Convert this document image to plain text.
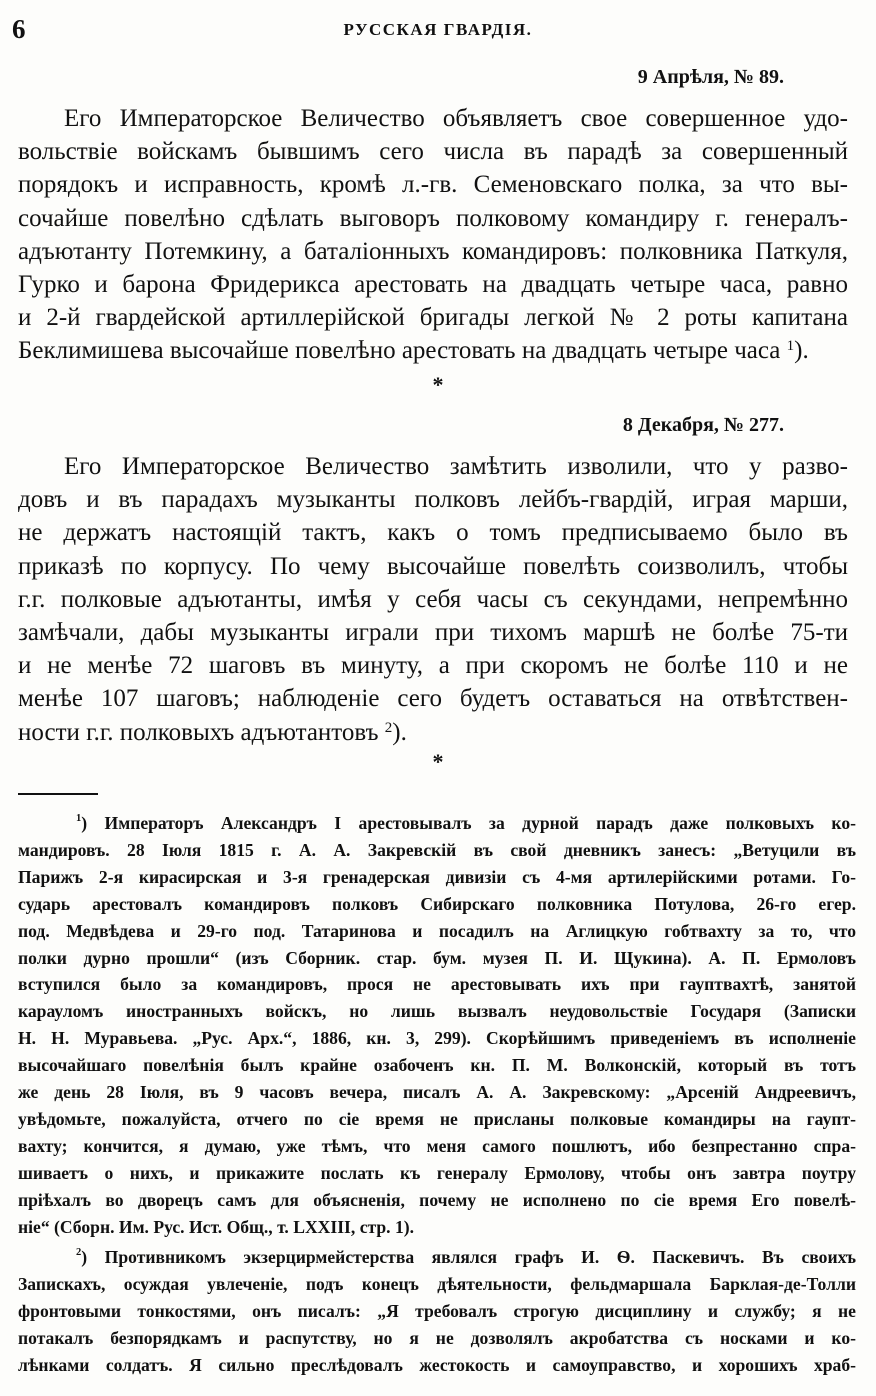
6	РУССКАЯ ГВАРДІЯ.
9 Апрѣля, № 89.
Его Императорское Величество объявляетъ свое совершенное удо-
вольствіе войскамъ бывшимъ сего числа въ парадѣ за совершенный
порядокъ и исправность, кромѣ л.-гв. Семеновскаго полка, за что вы-
сочайше повелѣно сдѣлать выговоръ полковому командиру г. генералъ-
адъютанту Потемкину, а баталіонныхъ командировъ: полковника Паткуля,
Гурко и барона Фридерикса арестовать на двадцать четыре часа, равно
и 2-й гвардейской артиллерійской бригады легкой № 2 роты капитана
Беклимишева высочайше повелѣно арестовать на двадцать четыре часа $^1$).
*
8 Декабря, № 277.
Его Императорское Величество замѣтить изволили, что у разво-
довъ и въ парадахъ музыканты полковъ лейбъ-гвардій, играя марши,
не держатъ настоящій тактъ, какъ о томъ предписываемо было въ
приказѣ по корпусу. По чему высочайше повелѣть соизволилъ, чтобы
г.г. полковые адъютанты, имѣя у себя часы съ секундами, непремѣнно
замѣчали, дабы музыканты играли при тихомъ маршѣ не болѣе 75-ти
и не менѣе 72 шаговъ въ минуту, а при скоромъ не болѣе 110 и не
менѣе 107 шаговъ; наблюденіе сего будетъ оставаться на отвѣтствен-
ности г.г. полковыхъ адъютантовъ $^2$).
*
$^1$) Императоръ Александръ I арестовывалъ за дурной парадъ даже полковыхъ ко-
мандировъ. 28 Іюля 1815 г. А. А. Закревскій въ свой дневникъ занесъ: „Ветуцили въ
Парижъ 2-я кирасирская и 3-я гренадерская дивизіи съ 4-мя артилерійскими ротами. Го-
сударь арестовалъ командировъ полковъ Сибирскаго полковника Потулова, 26-го егер.
под. Медвѣдева и 29-го под. Татаринова и посадилъ на Аглицкую гобтвахту за то, что
полки дурно прошли“ (изъ Сборник. стар. бум. музея П. И. Щукина). А. П. Ермоловъ
вступился было за командировъ, прося не арестовывать ихъ при гауптвахтѣ, занятой
карауломъ иностранныхъ войскъ, но лишь вызвалъ неудовольствіе Государя (Записки
Н. Н. Муравьева. „Рус. Арх.“, 1886, кн. 3, 299). Скорѣйшимъ приведеніемъ въ исполненіе
высочайшаго повелѣнія былъ крайне озабоченъ кн. П. М. Волконскій, который въ тотъ
же день 28 Іюля, въ 9 часовъ вечера, писалъ А. А. Закревскому: „Арсеній Андреевичъ,
увѣдомьте, пожалуйста, отчего по сіе время не присланы полковые командиры на гаупт-
вахту; кончится, я думаю, уже тѣмъ, что меня самого пошлютъ, ибо безпрестанно спра-
шиваетъ о нихъ, и прикажите послать къ генералу Ермолову, чтобы онъ завтра поутру
пріѣхалъ во дворецъ самъ для объясненія, почему не исполнено по сіе время Его повелѣ-
ніе“ (Сборн. Им. Рус. Ист. Общ., т. LXXIII, стр. 1).
$^2$) Противникомъ экзерцирмейстерства являлся графъ И. Ѳ. Паскевичъ. Въ своихъ
Запискахъ, осуждая увлеченіе, подъ конецъ дѣятельности, фельдмаршала Барклая-де-Толли
фронтовыми тонкостями, онъ писалъ: „Я требовалъ строгую дисциплину и службу; я не
потакалъ безпорядкамъ и распутству, но я не дозволялъ акробатства съ носками и ко-
лѣнками солдатъ. Я сильно преслѣдовалъ жестокость и самоуправство, и хорошихъ храб-
